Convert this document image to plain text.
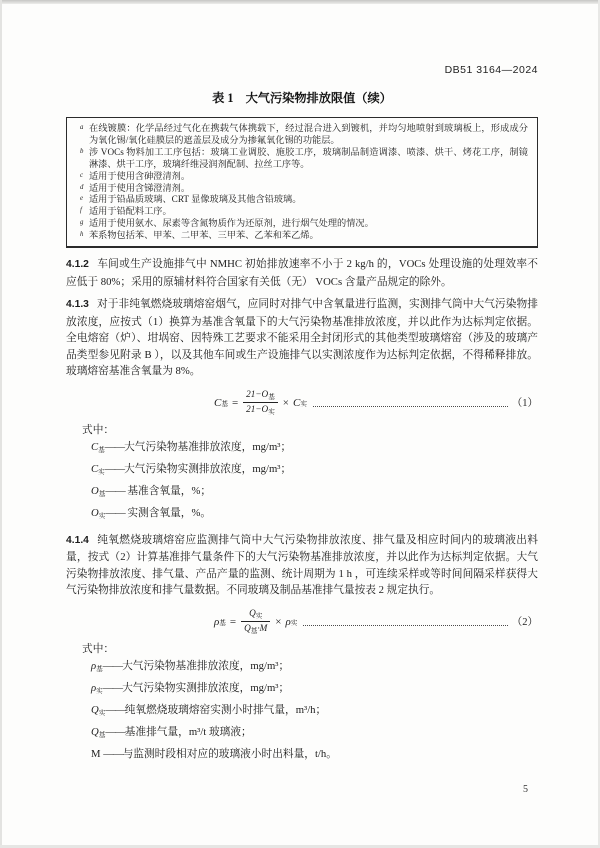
DB51 3164—2024
表 1　大气污染物排放限值（续）
a 在线镀膜：化学品经过气化在携载气体携载下，经过混合进入到镀机，并均匀地喷射到玻璃板上，形成成分为氧化锡/氧化硅膜层的遮盖层及成分为掺氟氧化锡的功能层。
b 涉 VOCs 物料加工工序包括：玻璃工业调胶、施胶工序，玻璃制品制造调漆、喷漆、烘干、烤花工序，制镜淋漆、烘干工序，玻璃纤维浸润剂配制、拉丝工序等。
c 适用于使用含砷澄清剂。
d 适用于使用含锑澄清剂。
e 适用于铅晶质玻璃、CRT 显像玻璃及其他含铅玻璃。
f 适用于铅配料工序。
g 适用于使用氨水、尿素等含氮物质作为还原剂，进行烟气处理的情况。
h 苯系物包括苯、甲苯、二甲苯、三甲苯、乙苯和苯乙烯。
4.1.2 车间或生产设施排气中 NMHC 初始排放速率不小于 2 kg/h 的，VOCs 处理设施的处理效率不应低于 80%；采用的原辅材料符合国家有关低（无） VOCs 含量产品规定的除外。
4.1.3 对于非纯氧燃烧玻璃熔窑烟气，应同时对排气中含氧量进行监测，实测排气筒中大气污染物排放浓度，应按式（1）换算为基准含氧量下的大气污染物基准排放浓度，并以此作为达标判定依据。全电熔窑（炉）、坩埚窑、因特殊工艺要求不能采用全封闭形式的其他类型玻璃熔窑（涉及的玻璃产品类型参见附录 B ），以及其他车间或生产设施排气以实测浓度作为达标判定依据，不得稀释排放。玻璃熔窑基准含氧量为 8%。
C 基 = $\frac{21-O_基}{21-O_实} \times C$ 实	（1）
式中：
$C_基——$大气污染物基准排放浓度，mg/m³；
$C_实——$大气污染物实测排放浓度，mg/m³；
$O_基——$ 基准含氧量，%；
$O_实——$ 实测含氧量，%。
4.1.4 纯氧燃烧玻璃熔窑应监测排气筒中大气污染物排放浓度、排气量及相应时间内的玻璃液出料量，按式（2）计算基准排气量条件下的大气污染物基准排放浓度，并以此作为达标判定依据。大气污染物排放浓度、排气量、产品产量的监测、统计周期为 1 h ，可连续采样或等时间间隔采样获得大气污染物排放浓度和排气量数据。不同玻璃及制品基准排气量按表 2 规定执行。
ρ 基 = $\frac{Q_实}{Q_基\cdot M} \times \rho$ 实	（2）
式中：
$\rho_基——$大气污染物基准排放浓度，mg/m³；
$\rho_实——$大气污染物实测排放浓度，mg/m³；
$Q_实——$纯氧燃烧玻璃熔窑实测小时排气量，m³/h；
$Q_基——$基准排气量，m³/t 玻璃液；
M ——与监测时段相对应的玻璃液小时出料量，t/h。
5
